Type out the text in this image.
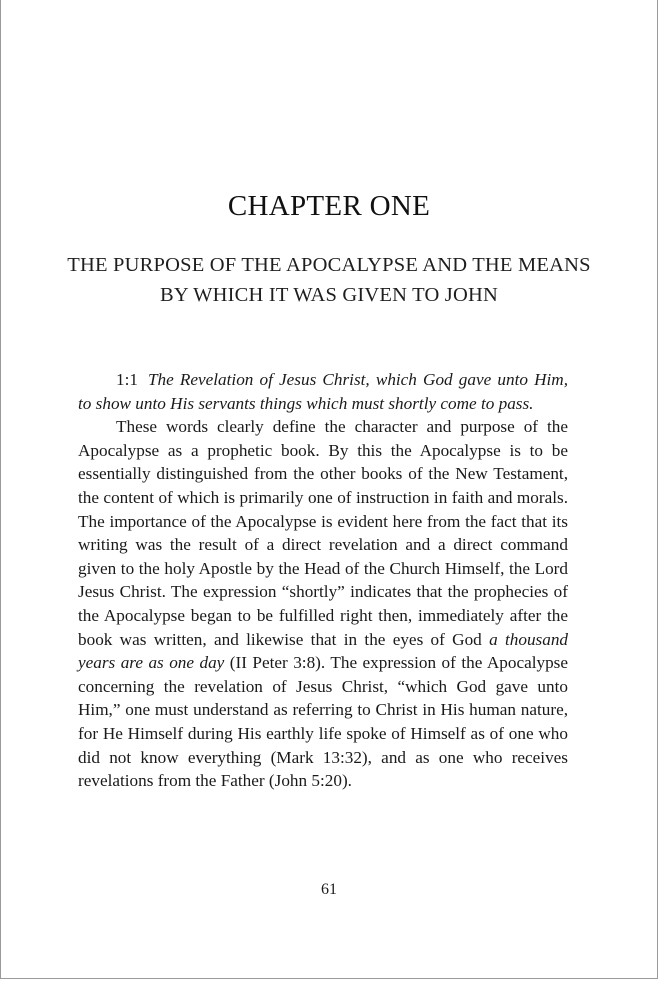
CHAPTER ONE
THE PURPOSE OF THE APOCALYPSE AND THE MEANS BY WHICH IT WAS GIVEN TO JOHN

1:1 The Revelation of Jesus Christ, which God gave unto Him, to show unto His servants things which must shortly come to pass.

These words clearly define the character and purpose of the Apocalypse as a prophetic book. By this the Apocalypse is to be essentially distinguished from the other books of the New Testament, the content of which is primarily one of instruction in faith and morals. The importance of the Apocalypse is evident here from the fact that its writing was the result of a direct revelation and a direct command given to the holy Apostle by the Head of the Church Himself, the Lord Jesus Christ. The expression “shortly” indicates that the prophecies of the Apocalypse began to be fulfilled right then, immediately after the book was written, and likewise that in the eyes of God a thousand years are as one day (II Peter 3:8). The expression of the Apocalypse concerning the revelation of Jesus Christ, “which God gave unto Him,” one must understand as referring to Christ in His human nature, for He Himself during His earthly life spoke of Himself as of one who did not know everything (Mark 13:32), and as one who receives revelations from the Father (John 5:20).

61
